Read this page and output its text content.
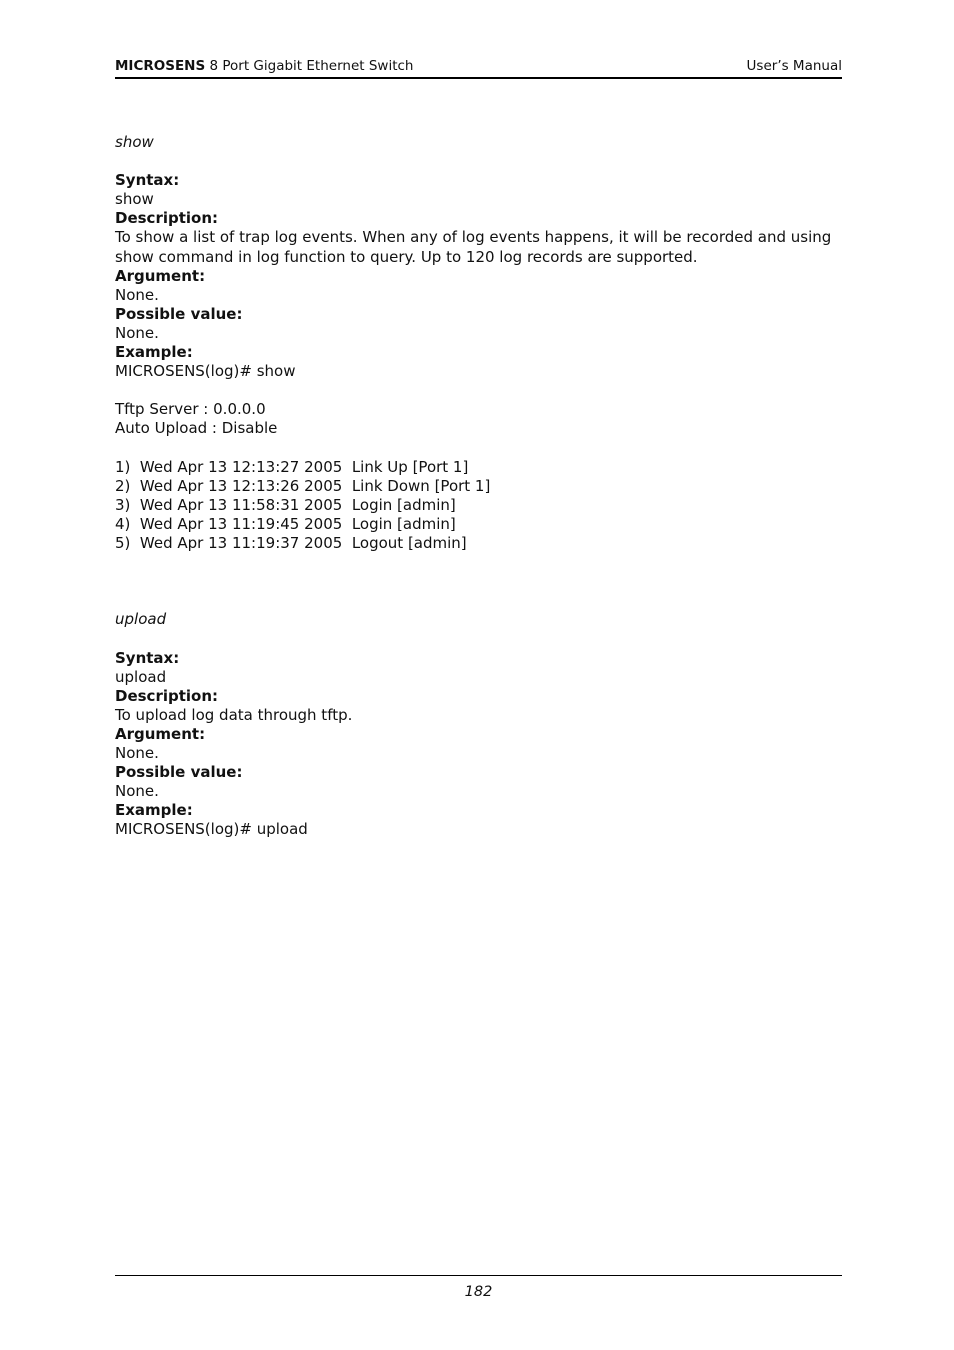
MICROSENS 8 Port Gigabit Ethernet Switch	User’s Manual
show
Syntax:
show
Description:
To show a list of trap log events. When any of log events happens, it will be recorded and using show command in log function to query. Up to 120 log records are supported.
Argument:
None.
Possible value:
None.
Example:
MICROSENS(log)# show
Tftp Server : 0.0.0.0
Auto Upload : Disable
1)  Wed Apr 13 12:13:27 2005  Link Up [Port 1]
2)  Wed Apr 13 12:13:26 2005  Link Down [Port 1]
3)  Wed Apr 13 11:58:31 2005  Login [admin]
4)  Wed Apr 13 11:19:45 2005  Login [admin]
5)  Wed Apr 13 11:19:37 2005  Logout [admin]
upload
Syntax:
upload
Description:
To upload log data through tftp.
Argument:
None.
Possible value:
None.
Example:
MICROSENS(log)# upload
182
